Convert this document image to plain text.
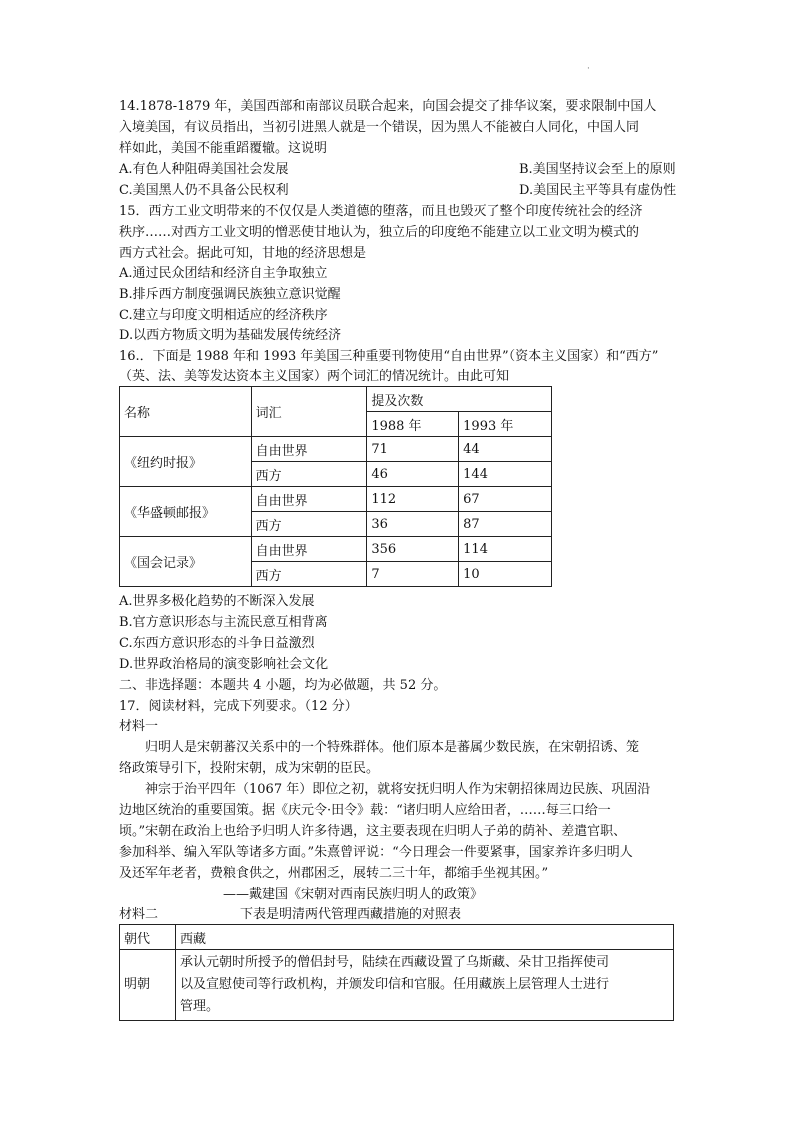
·
14.1878-1879 年，美国西部和南部议员联合起来，向国会提交了排华议案，要求限制中国人
入境美国，有议员指出，当初引进黑人就是一个错误，因为黑人不能被白人同化，中国人同
样如此，美国不能重蹈覆辙。这说明
A.有色人种阻碍美国社会发展	B.美国坚持议会至上的原则
C.美国黑人仍不具备公民权利	D.美国民主平等具有虚伪性
15．西方工业文明带来的不仅仅是人类道德的堕落，而且也毁灭了整个印度传统社会的经济
秩序……对西方工业文明的憎恶使甘地认为，独立后的印度绝不能建立以工业文明为模式的
西方式社会。据此可知，甘地的经济思想是
A.通过民众团结和经济自主争取独立
B.排斥西方制度强调民族独立意识觉醒
C.建立与印度文明相适应的经济秩序
D.以西方物质文明为基础发展传统经济
16.．下面是 1988 年和 1993 年美国三种重要刊物使用“自由世界”（资本主义国家）和“西方”
（英、法、美等发达资本主义国家）两个词汇的情况统计。由此可知
名称	词汇	提及次数	
		1988 年	1993 年
《纽约时报》	自由世界	71	44
	西方	46	144
《华盛顿邮报》	自由世界	112	67
	西方	36	87
《国会记录》	自由世界	356	114
	西方	7	10
A.世界多极化趋势的不断深入发展
B.官方意识形态与主流民意互相背离
C.东西方意识形态的斗争日益激烈
D.世界政治格局的演变影响社会文化
二、非选择题：本题共 4 小题，均为必做题，共 52 分。
17．阅读材料，完成下列要求。（12 分）
材料一
归明人是宋朝蕃汉关系中的一个特殊群体。他们原本是蕃属少数民族，在宋朝招诱、笼
络政策导引下，投附宋朝，成为宋朝的臣民。
神宗于治平四年（1067 年）即位之初，就将安抚归明人作为宋朝招徕周边民族、巩固沿
边地区统治的重要国策。据《庆元令·田令》载：“诸归明人应给田者，……每三口给一
顷。”宋朝在政治上也给予归明人许多待遇，这主要表现在归明人子弟的荫补、差遣官职、
参加科举、编入军队等诸多方面。”朱熹曾评说：“今日理会一件要紧事，国家养许多归明人
及还军年老者，费粮食供之，州郡困乏，展转二三十年，都缩手坐视其困。”
——戴建国《宋朝对西南民族归明人的政策》
材料二	下表是明清两代管理西藏措施的对照表
朝代	西藏
明朝	承认元朝时所授予的僧侣封号，陆续在西藏设置了乌斯藏、朵甘卫指挥使司
以及宣慰使司等行政机构，并颁发印信和官服。任用藏族上层管理人士进行
管理。
